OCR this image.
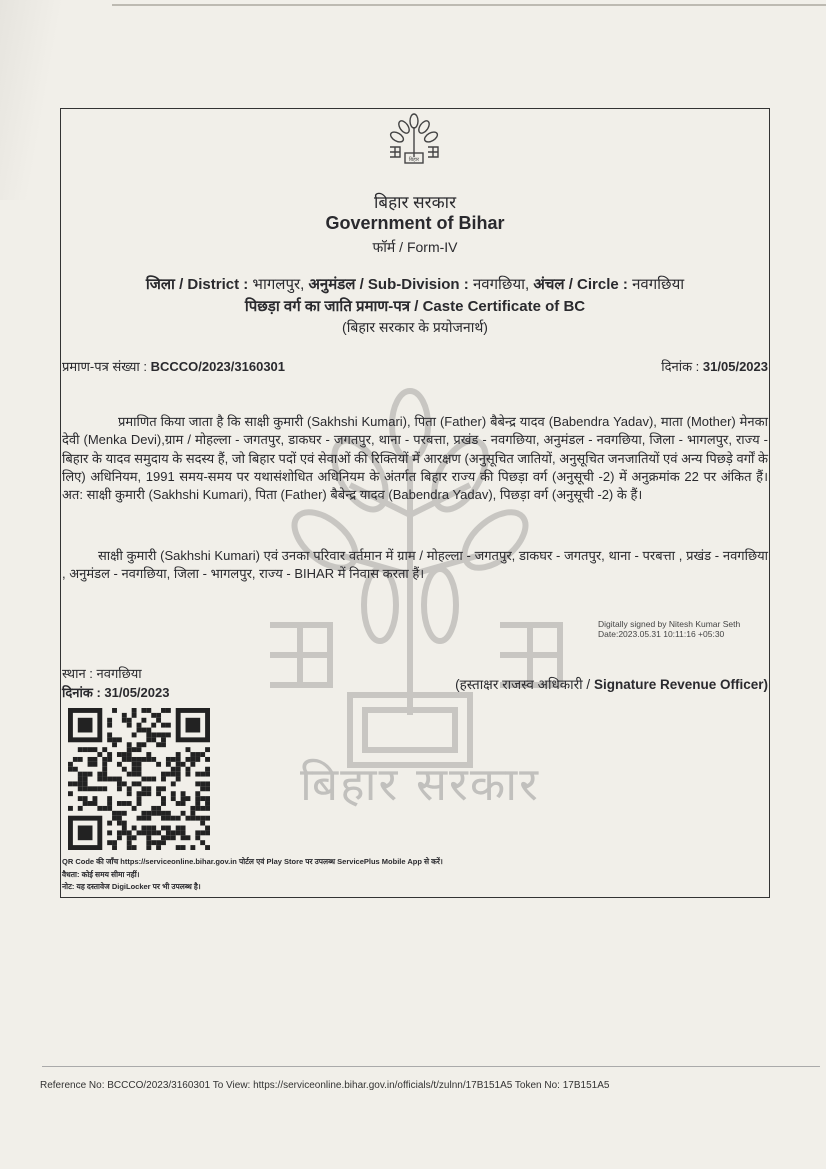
बिहार सरकार
बिहार
बिहार सरकार
Government of Bihar
फॉर्म / Form-IV
जिला / District : भागलपुर, अनुमंडल / Sub-Division : नवगछिया, अंचल / Circle : नवगछिया
पिछड़ा वर्ग का जाति प्रमाण-पत्र / Caste Certificate of BC
(बिहार सरकार के प्रयोजनार्थ)
प्रमाण-पत्र संख्या : BCCCO/2023/3160301	दिनांक : 31/05/2023
प्रमाणित किया जाता है कि साक्षी कुमारी (Sakhshi Kumari), पिता (Father) बैबेन्द्र यादव (Babendra Yadav), माता (Mother) मेनका देवी (Menka Devi),ग्राम / मोहल्ला - जगतपुर, डाकघर - जगतपुर, थाना - परबत्ता, प्रखंड - नवगछिया, अनुमंडल - नवगछिया, जिला - भागलपुर, राज्य - बिहार के यादव समुदाय के सदस्य हैं, जो बिहार पदों एवं सेवाओं की रिक्तियों में आरक्षण (अनुसूचित जातियों, अनुसूचित जनजातियों एवं अन्य पिछड़े वर्गों के लिए) अधिनियम, 1991 समय-समय पर यथासंशोधित अधिनियम के अंतर्गत बिहार राज्य की पिछड़ा वर्ग (अनुसूची -2) में अनुक्रमांक 22 पर अंकित हैं। अत: साक्षी कुमारी (Sakhshi Kumari), पिता (Father) बैबेन्द्र यादव (Babendra Yadav), पिछड़ा वर्ग (अनुसूची -2) के हैं।
साक्षी कुमारी (Sakhshi Kumari) एवं उनका परिवार वर्तमान में ग्राम / मोहल्ला - जगतपुर, डाकघर - जगतपुर, थाना - परबत्ता , प्रखंड - नवगछिया , अनुमंडल - नवगछिया, जिला - भागलपुर, राज्य - BIHAR में निवास करता हैं।
Digitally signed by Nitesh Kumar Seth
Date:2023.05.31 10:11:16 +05:30
स्थान : नवगछिया
दिनांक : 31/05/2023
(हस्ताक्षर राजस्व अधिकारी / Signature Revenue Officer)
QR Code की जाँच https://serviceonline.bihar.gov.in पोर्टल एवं Play Store पर उपलब्ध ServicePlus Mobile App से करें।
वैधता: कोई समय सीमा नहीं।
नोट: यह दस्तावेज DigiLocker पर भी उपलब्ध है।
Reference No: BCCCO/2023/3160301 To View: https://serviceonline.bihar.gov.in/officials/t/zulnn/17B151A5 Token No: 17B151A5
